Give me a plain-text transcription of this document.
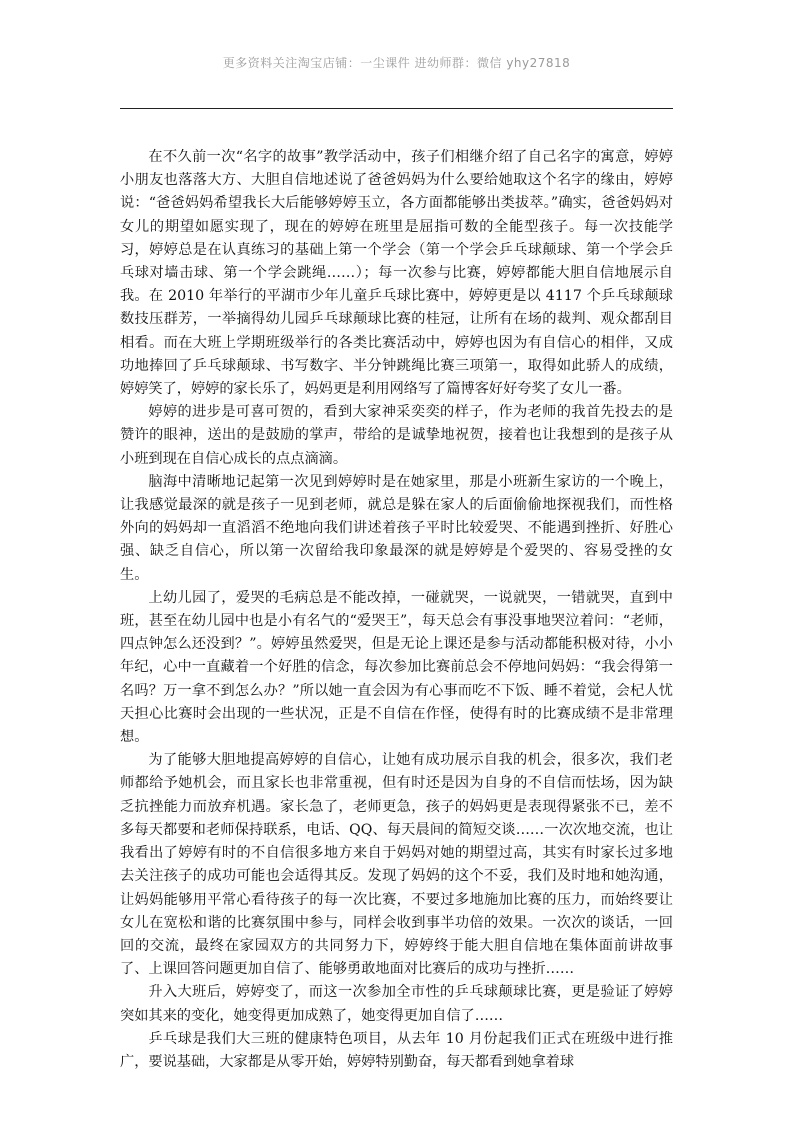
更多资料关注淘宝店铺：一尘课件 进幼师群：微信 yhy27818

在不久前一次“名字的故事”教学活动中，孩子们相继介绍了自己名字的寓意，婷婷小朋友也落落大方、大胆自信地述说了爸爸妈妈为什么要给她取这个名字的缘由，婷婷说：“爸爸妈妈希望我长大后能够婷婷玉立，各方面都能够出类拔萃。”确实，爸爸妈妈对女儿的期望如愿实现了，现在的婷婷在班里是屈指可数的全能型孩子。每一次技能学习，婷婷总是在认真练习的基础上第一个学会（第一个学会乒乓球颠球、第一个学会乒乓球对墙击球、第一个学会跳绳……）；每一次参与比赛，婷婷都能大胆自信地展示自我。在 2010 年举行的平湖市少年儿童乒乓球比赛中，婷婷更是以 4117 个乒乓球颠球数技压群芳，一举摘得幼儿园乒乓球颠球比赛的桂冠，让所有在场的裁判、观众都刮目相看。而在大班上学期班级举行的各类比赛活动中，婷婷也因为有自信心的相伴，又成功地捧回了乒乓球颠球、书写数字、半分钟跳绳比赛三项第一，取得如此骄人的成绩，婷婷笑了，婷婷的家长乐了，妈妈更是利用网络写了篇博客好好夸奖了女儿一番。

婷婷的进步是可喜可贺的，看到大家神采奕奕的样子，作为老师的我首先投去的是赞许的眼神，送出的是鼓励的掌声，带给的是诚挚地祝贺，接着也让我想到的是孩子从小班到现在自信心成长的点点滴滴。

脑海中清晰地记起第一次见到婷婷时是在她家里，那是小班新生家访的一个晚上，让我感觉最深的就是孩子一见到老师，就总是躲在家人的后面偷偷地探视我们，而性格外向的妈妈却一直滔滔不绝地向我们讲述着孩子平时比较爱哭、不能遇到挫折、好胜心强、缺乏自信心，所以第一次留给我印象最深的就是婷婷是个爱哭的、容易受挫的女生。

上幼儿园了，爱哭的毛病总是不能改掉，一碰就哭，一说就哭，一错就哭，直到中班，甚至在幼儿园中也是小有名气的“爱哭王”，每天总会有事没事地哭泣着问：“老师，四点钟怎么还没到？”。婷婷虽然爱哭，但是无论上课还是参与活动都能积极对待，小小年纪，心中一直藏着一个好胜的信念，每次参加比赛前总会不停地问妈妈：“我会得第一名吗？万一拿不到怎么办？”所以她一直会因为有心事而吃不下饭、睡不着觉，会杞人忧天担心比赛时会出现的一些状况，正是不自信在作怪，使得有时的比赛成绩不是非常理想。

为了能够大胆地提高婷婷的自信心，让她有成功展示自我的机会，很多次，我们老师都给予她机会，而且家长也非常重视，但有时还是因为自身的不自信而怯场，因为缺乏抗挫能力而放弃机遇。家长急了，老师更急，孩子的妈妈更是表现得紧张不已，差不多每天都要和老师保持联系，电话、QQ、每天晨间的简短交谈……一次次地交流，也让我看出了婷婷有时的不自信很多地方来自于妈妈对她的期望过高，其实有时家长过多地去关注孩子的成功可能也会适得其反。发现了妈妈的这个不妥，我们及时地和她沟通，让妈妈能够用平常心看待孩子的每一次比赛，不要过多地施加比赛的压力，而始终要让女儿在宽松和谐的比赛氛围中参与，同样会收到事半功倍的效果。一次次的谈话，一回回的交流，最终在家园双方的共同努力下，婷婷终于能大胆自信地在集体面前讲故事了、上课回答问题更加自信了、能够勇敢地面对比赛后的成功与挫折……

升入大班后，婷婷变了，而这一次参加全市性的乒乓球颠球比赛，更是验证了婷婷突如其来的变化，她变得更加成熟了，她变得更加自信了……

乒乓球是我们大三班的健康特色项目，从去年 10 月份起我们正式在班级中进行推广，要说基础，大家都是从零开始，婷婷特别勤奋，每天都看到她拿着球
